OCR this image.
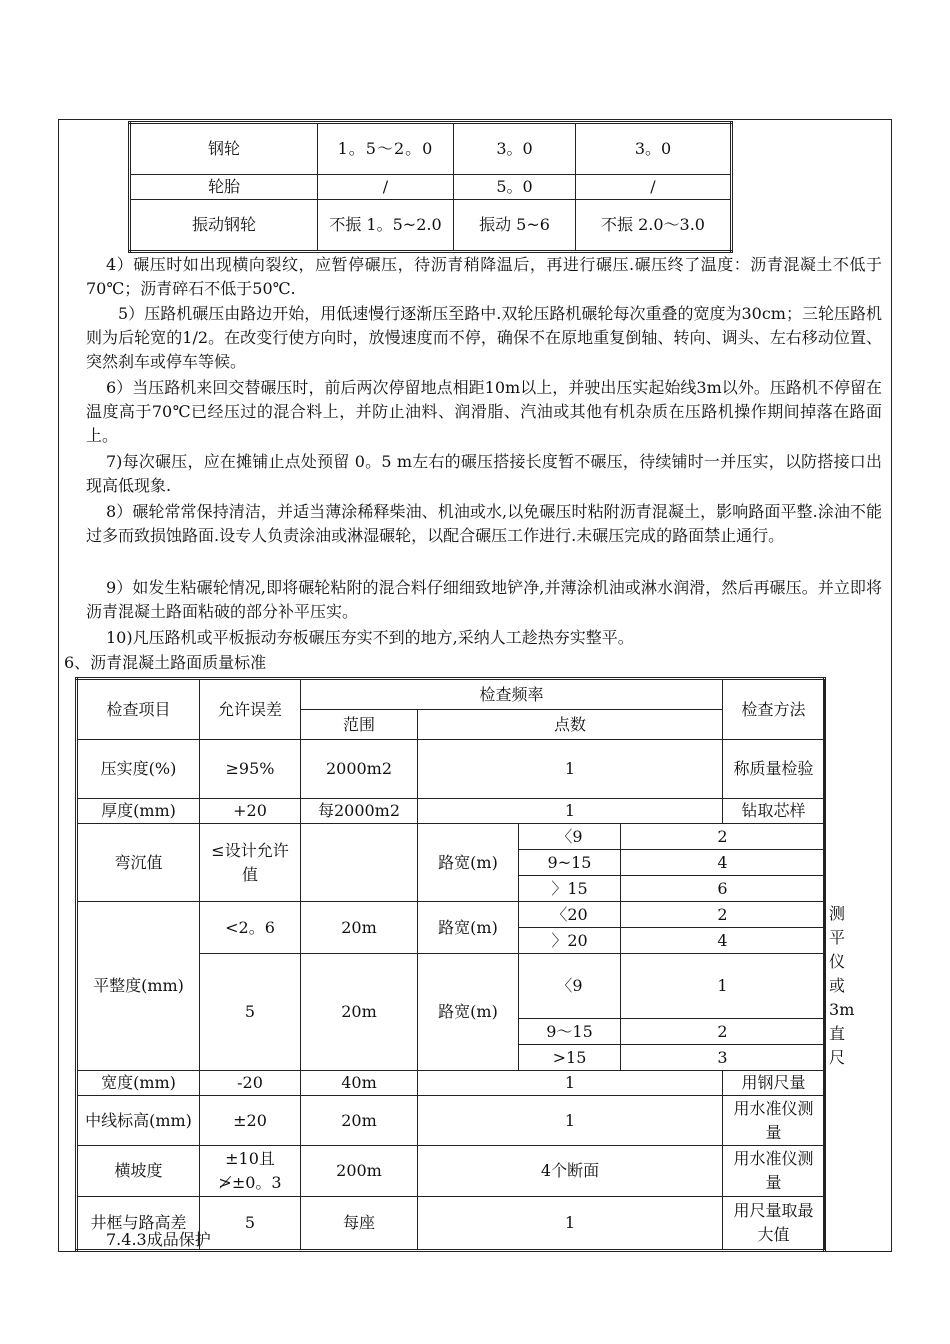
钢轮	1。5～2。0	3。0	3。0
轮胎	/	5。0	/
振动钢轮	不振 1。5~2.0	振动 5~6	不振 2.0～3.0

4）碾压时如出现横向裂纹，应暂停碾压，待沥青稍降温后，再进行碾压.碾压终了温度：沥青混凝土不低于70℃；沥青碎石不低于50℃.

5）压路机碾压由路边开始，用低速慢行逐渐压至路中.双轮压路机碾轮每次重叠的宽度为30cm；三轮压路机则为后轮宽的1/2。在改变行使方向时，放慢速度而不停，确保不在原地重复倒轴、转向、调头、左右移动位置、突然刹车或停车等候。

6）当压路机来回交替碾压时，前后两次停留地点相距10m以上，并驶出压实起始线3m以外。压路机不停留在温度高于70℃已经压过的混合料上，并防止油料、润滑脂、汽油或其他有机杂质在压路机操作期间掉落在路面上。

7)每次碾压，应在摊铺止点处预留 0。5 m左右的碾压搭接长度暂不碾压，待续铺时一并压实，以防搭接口出现高低现象.

8）碾轮常常保持清洁，并适当薄涂稀释柴油、机油或水,以免碾压时粘附沥青混凝土，影响路面平整.涂油不能过多而致损蚀路面.设专人负责涂油或淋湿碾轮，以配合碾压工作进行.未碾压完成的路面禁止通行。

9）如发生粘碾轮情况,即将碾轮粘附的混合料仔细细致地铲净,并薄涂机油或淋水润滑，然后再碾压。并立即将沥青混凝土路面粘破的部分补平压实。

10)凡压路机或平板振动夯板碾压夯实不到的地方,采纳人工趁热夯实整平。

6、沥青混凝土路面质量标准

检查项目	允许误差	检查频率				检查方法	
		范围	点数				
压实度(%)	≥95%	2000m2	1			称质量检验	
厚度(mm)	+20	每2000m2	1			钻取芯样	
弯沉值	≤设计允许值		路宽(m)	〈9	2		
				9~15	4		
				〉15	6		
平整度(mm)	<2。6	20m	路宽(m)	〈20	2		测平仪或3m直尺
				〉20	4		
	5	20m	路宽(m)	〈9	1		
				9～15	2		
				>15	3		
宽度(mm)	-20	40m	1			用钢尺量	
中线标高(mm)	±20	20m	1			用水准仪测量	
横坡度	±10且≯±0。3	200m	4个断面			用水准仪测量	
井框与路高差	5	每座	1			用尺量取最大值	

7.4.3成品保护
